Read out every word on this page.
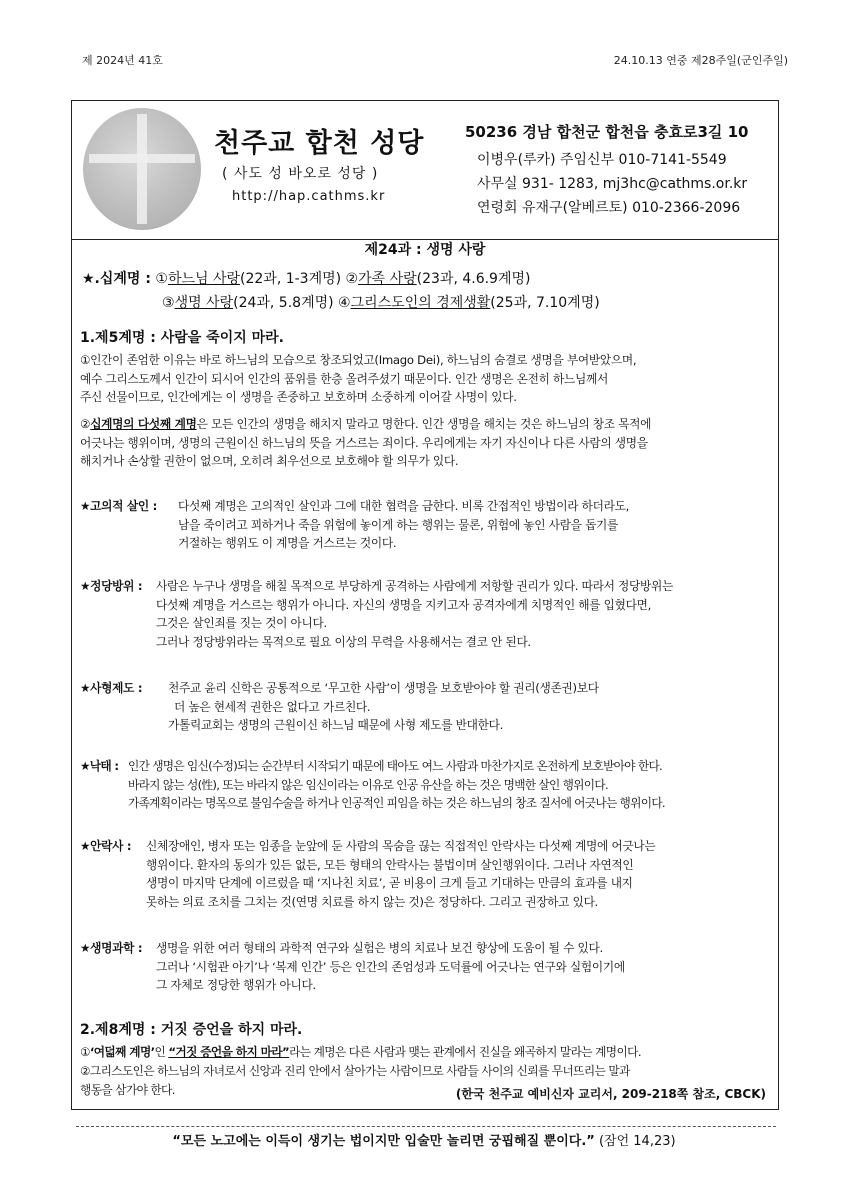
제 2024년 41호	24.10.13 연중 제28주일(군인주일)
천주교 합천 성당
( 사도 성 바오로 성당 )
http://hap.cathms.kr
50236 경남 합천군 합천읍 충효로3길 10
이병우(루카) 주임신부 010-7141-5549
사무실 931- 1283, mj3hc@cathms.or.kr
연령회 유재구(알베르토) 010-2366-2096
제24과 : 생명 사랑
★.십계명 : ①하느님 사랑(22과, 1-3계명) ②가족 사랑(23과, 4.6.9계명)
③생명 사랑(24과, 5.8계명) ④그리스도인의 경제생활(25과, 7.10계명)
1.제5계명 : 사람을 죽이지 마라.
①인간이 존엄한 이유는 바로 하느님의 모습으로 창조되었고(Imago Dei), 하느님의 숨결로 생명을 부여받았으며,
예수 그리스도께서 인간이 되시어 인간의 품위를 한층 올려주셨기 때문이다. 인간 생명은 온전히 하느님께서
주신 선물이므로, 인간에게는 이 생명을 존중하고 보호하며 소중하게 이어갈 사명이 있다.
②십계명의 다섯째 계명은 모든 인간의 생명을 해치지 말라고 명한다. 인간 생명을 해치는 것은 하느님의 창조 목적에
어긋나는 행위이며, 생명의 근원이신 하느님의 뜻을 거스르는 죄이다. 우리에게는 자기 자신이나 다른 사람의 생명을
해치거나 손상할 권한이 없으며, 오히려 최우선으로 보호해야 할 의무가 있다.
★고의적 살인 : 다섯째 계명은 고의적인 살인과 그에 대한 협력을 금한다. 비록 간접적인 방법이라 하더라도,
남을 죽이려고 꾀하거나 죽을 위험에 놓이게 하는 행위는 물론, 위험에 놓인 사람을 돕기를
거절하는 행위도 이 계명을 거스르는 것이다.
★정당방위 : 사람은 누구나 생명을 해칠 목적으로 부당하게 공격하는 사람에게 저항할 권리가 있다. 따라서 정당방위는
다섯째 계명을 거스르는 행위가 아니다. 자신의 생명을 지키고자 공격자에게 치명적인 해를 입혔다면,
그것은 살인죄를 짓는 것이 아니다.
그러나 정당방위라는 목적으로 필요 이상의 무력을 사용해서는 결코 안 된다.
★사형제도 : 천주교 윤리 신학은 공통적으로 ‘무고한 사람’이 생명을 보호받아야 할 권리(생존권)보다
더 높은 현세적 권한은 없다고 가르친다.
가톨릭교회는 생명의 근원이신 하느님 때문에 사형 제도를 반대한다.
★낙태 : 인간 생명은 임신(수정)되는 순간부터 시작되기 때문에 태아도 여느 사람과 마찬가지로 온전하게 보호받아야 한다.
바라지 않는 성(性), 또는 바라지 않은 임신이라는 이유로 인공 유산을 하는 것은 명백한 살인 행위이다.
가족계획이라는 명목으로 불임수술을 하거나 인공적인 피임을 하는 것은 하느님의 창조 질서에 어긋나는 행위이다.
★안락사 : 신체장애인, 병자 또는 임종을 눈앞에 둔 사람의 목숨을 끊는 직접적인 안락사는 다섯째 계명에 어긋나는
행위이다. 환자의 동의가 있든 없든, 모든 형태의 안락사는 불법이며 살인행위이다. 그러나 자연적인
생명이 마지막 단계에 이르렀을 때 ‘지나친 치료’, 곧 비용이 크게 들고 기대하는 만큼의 효과를 내지
못하는 의료 조치를 그치는 것(연명 치료를 하지 않는 것)은 정당하다. 그리고 권장하고 있다.
★생명과학 : 생명을 위한 여러 형태의 과학적 연구와 실험은 병의 치료나 보건 향상에 도움이 될 수 있다.
그러나 ‘시험관 아기’나 ‘복제 인간’ 등은 인간의 존엄성과 도덕률에 어긋나는 연구와 실험이기에
그 자체로 정당한 행위가 아니다.
2.제8계명 : 거짓 증언을 하지 마라.
①‘여덟째 계명’인 “거짓 증언을 하지 마라”라는 계명은 다른 사람과 맺는 관계에서 진실을 왜곡하지 말라는 계명이다.
②그리스도인은 하느님의 자녀로서 신앙과 진리 안에서 살아가는 사람이므로 사람들 사이의 신뢰를 무너뜨리는 말과
행동을 삼가야 한다.	(한국 천주교 예비신자 교리서, 209-218쪽 참조, CBCK)
“모든 노고에는 이득이 생기는 법이지만 입술만 놀리면 궁핍해질 뿐이다.” (잠언 14,23)
